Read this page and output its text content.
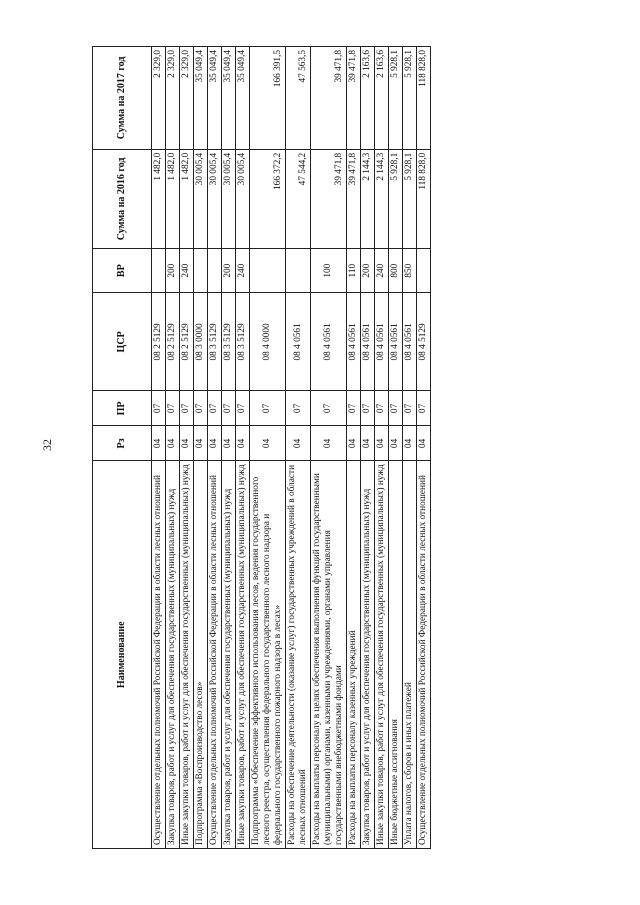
32
Наименование	Рз	ПР	ЦСР	ВР	Сумма на 2016 год	Сумма на 2017 год
Осуществление отдельных полномочий Российской Федерации в области лесных отношений	04	07	08 2 5129		1 482,0	2 329,0
Закупка товаров, работ и услуг для обеспечения государственных (муниципальных) нужд	04	07	08 2 5129	200	1 482,0	2 329,0
Иные закупки товаров, работ и услуг для обеспечения государственных (муниципальных) нужд	04	07	08 2 5129	240	1 482,0	2 329,0
Подпрограмма «Воспроизводство лесов»	04	07	08 3 0000		30 005,4	35 049,4
Осуществление отдельных полномочий Российской Федерации в области лесных отношений	04	07	08 3 5129		30 005,4	35 049,4
Закупка товаров, работ и услуг для обеспечения государственных (муниципальных) нужд	04	07	08 3 5129	200	30 005,4	35 049,4
Иные закупки товаров, работ и услуг для обеспечения государственных (муниципальных) нужд	04	07	08 3 5129	240	30 005,4	35 049,4
Подпрограмма «Обеспечение эффективного использования лесов, ведения государственного лесного реестра, осуществления федерального государственного лесного надзора и федерального государственного пожарного надзора в лесах»	04	07	08 4 0000		166 372,2	166 391,5
Расходы на обеспечение деятельности (оказание услуг) государственных учреждений в области лесных отношений	04	07	08 4 0561		47 544,2	47 563,5
Расходы на выплаты персоналу в целях обеспечения выполнения функций государственными (муниципальными) органами, казенными учреждениями, органами управления государственными внебюджетными фондами	04	07	08 4 0561	100	39 471,8	39 471,8
Расходы на выплаты персоналу казенных учреждений	04	07	08 4 0561	110	39 471,8	39 471,8
Закупка товаров, работ и услуг для обеспечения государственных (муниципальных) нужд	04	07	08 4 0561	200	2 144,3	2 163,6
Иные закупки товаров, работ и услуг для обеспечения государственных (муниципальных) нужд	04	07	08 4 0561	240	2 144,3	2 163,6
Иные бюджетные ассигнования	04	07	08 4 0561	800	5 928,1	5 928,1
Уплата налогов, сборов и иных платежей	04	07	08 4 0561	850	5 928,1	5 928,1
Осуществление отдельных полномочий Российской Федерации в области лесных отношений	04	07	08 4 5129		118 828,0	118 828,0
